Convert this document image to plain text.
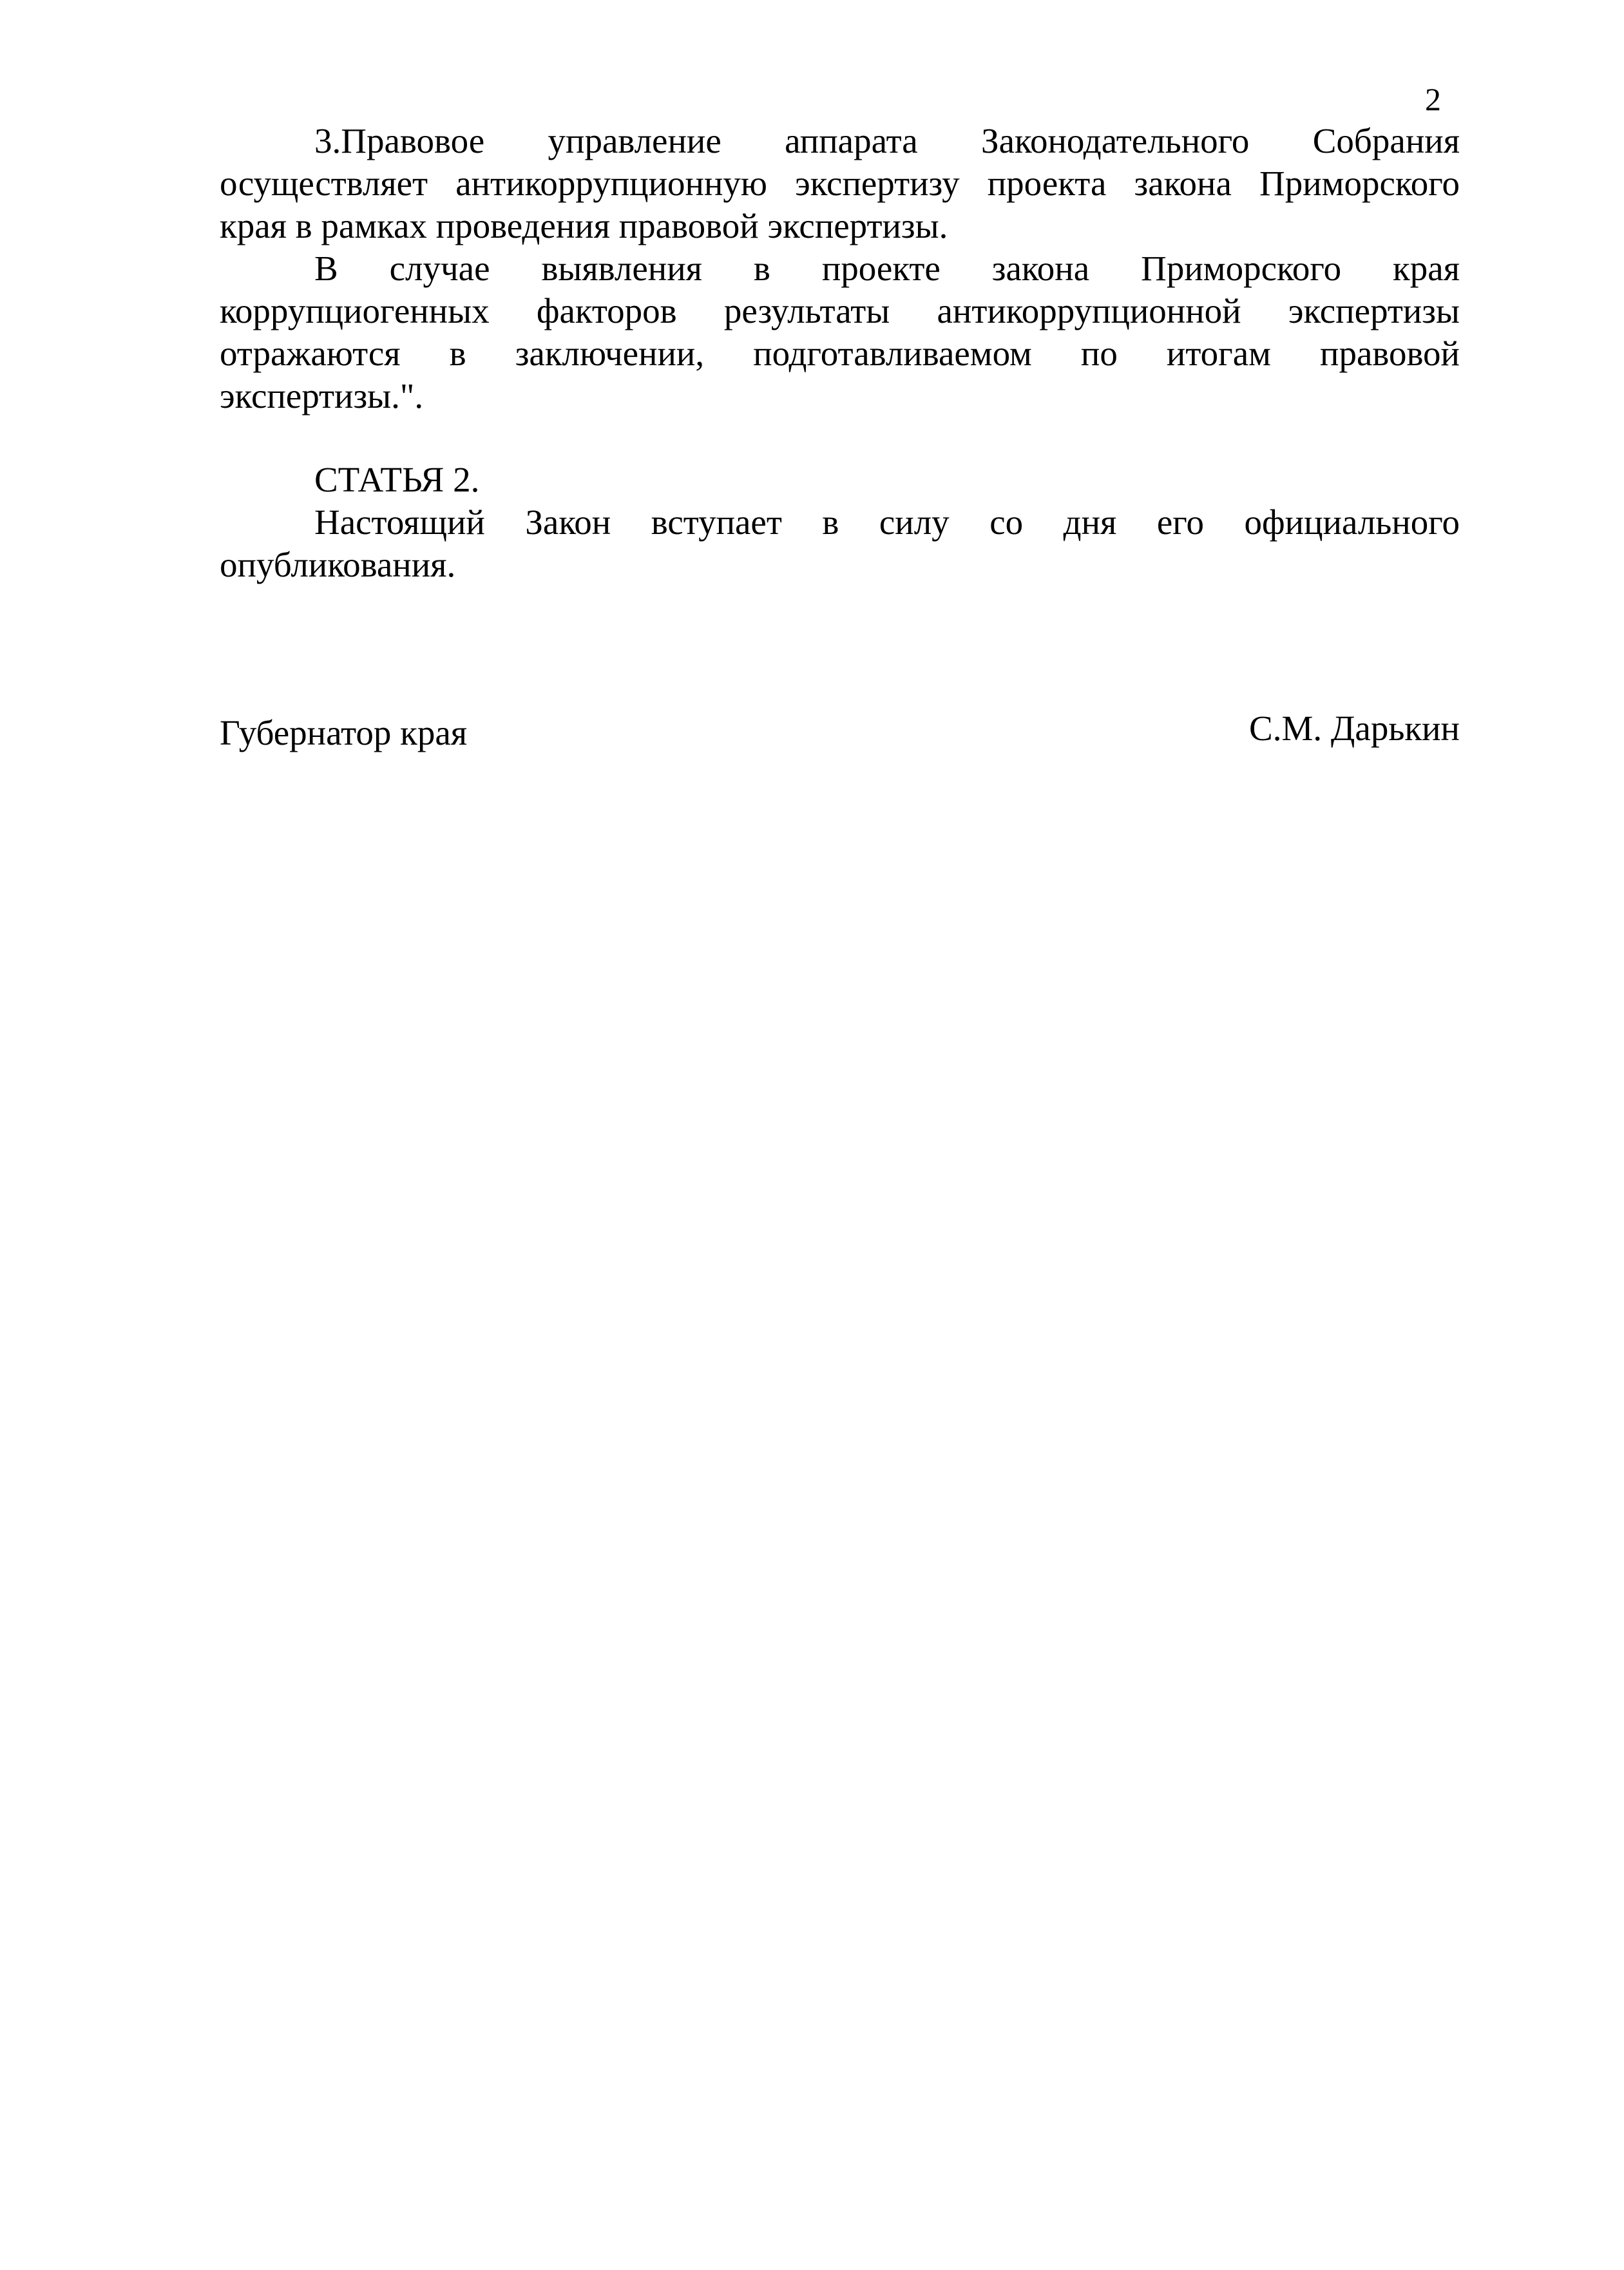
2
3.Правовое управление аппарата Законодательного Собрания
осуществляет антикоррупционную экспертизу проекта закона Приморского
края в рамках проведения правовой экспертизы.
В случае выявления в проекте закона Приморского края
коррупциогенных факторов результаты антикоррупционной экспертизы
отражаются в заключении, подготавливаемом по итогам правовой
экспертизы.".
СТАТЬЯ 2.
Настоящий Закон вступает в силу со дня его официального
опубликования.
Губернатор края	С.М. Дарькин
